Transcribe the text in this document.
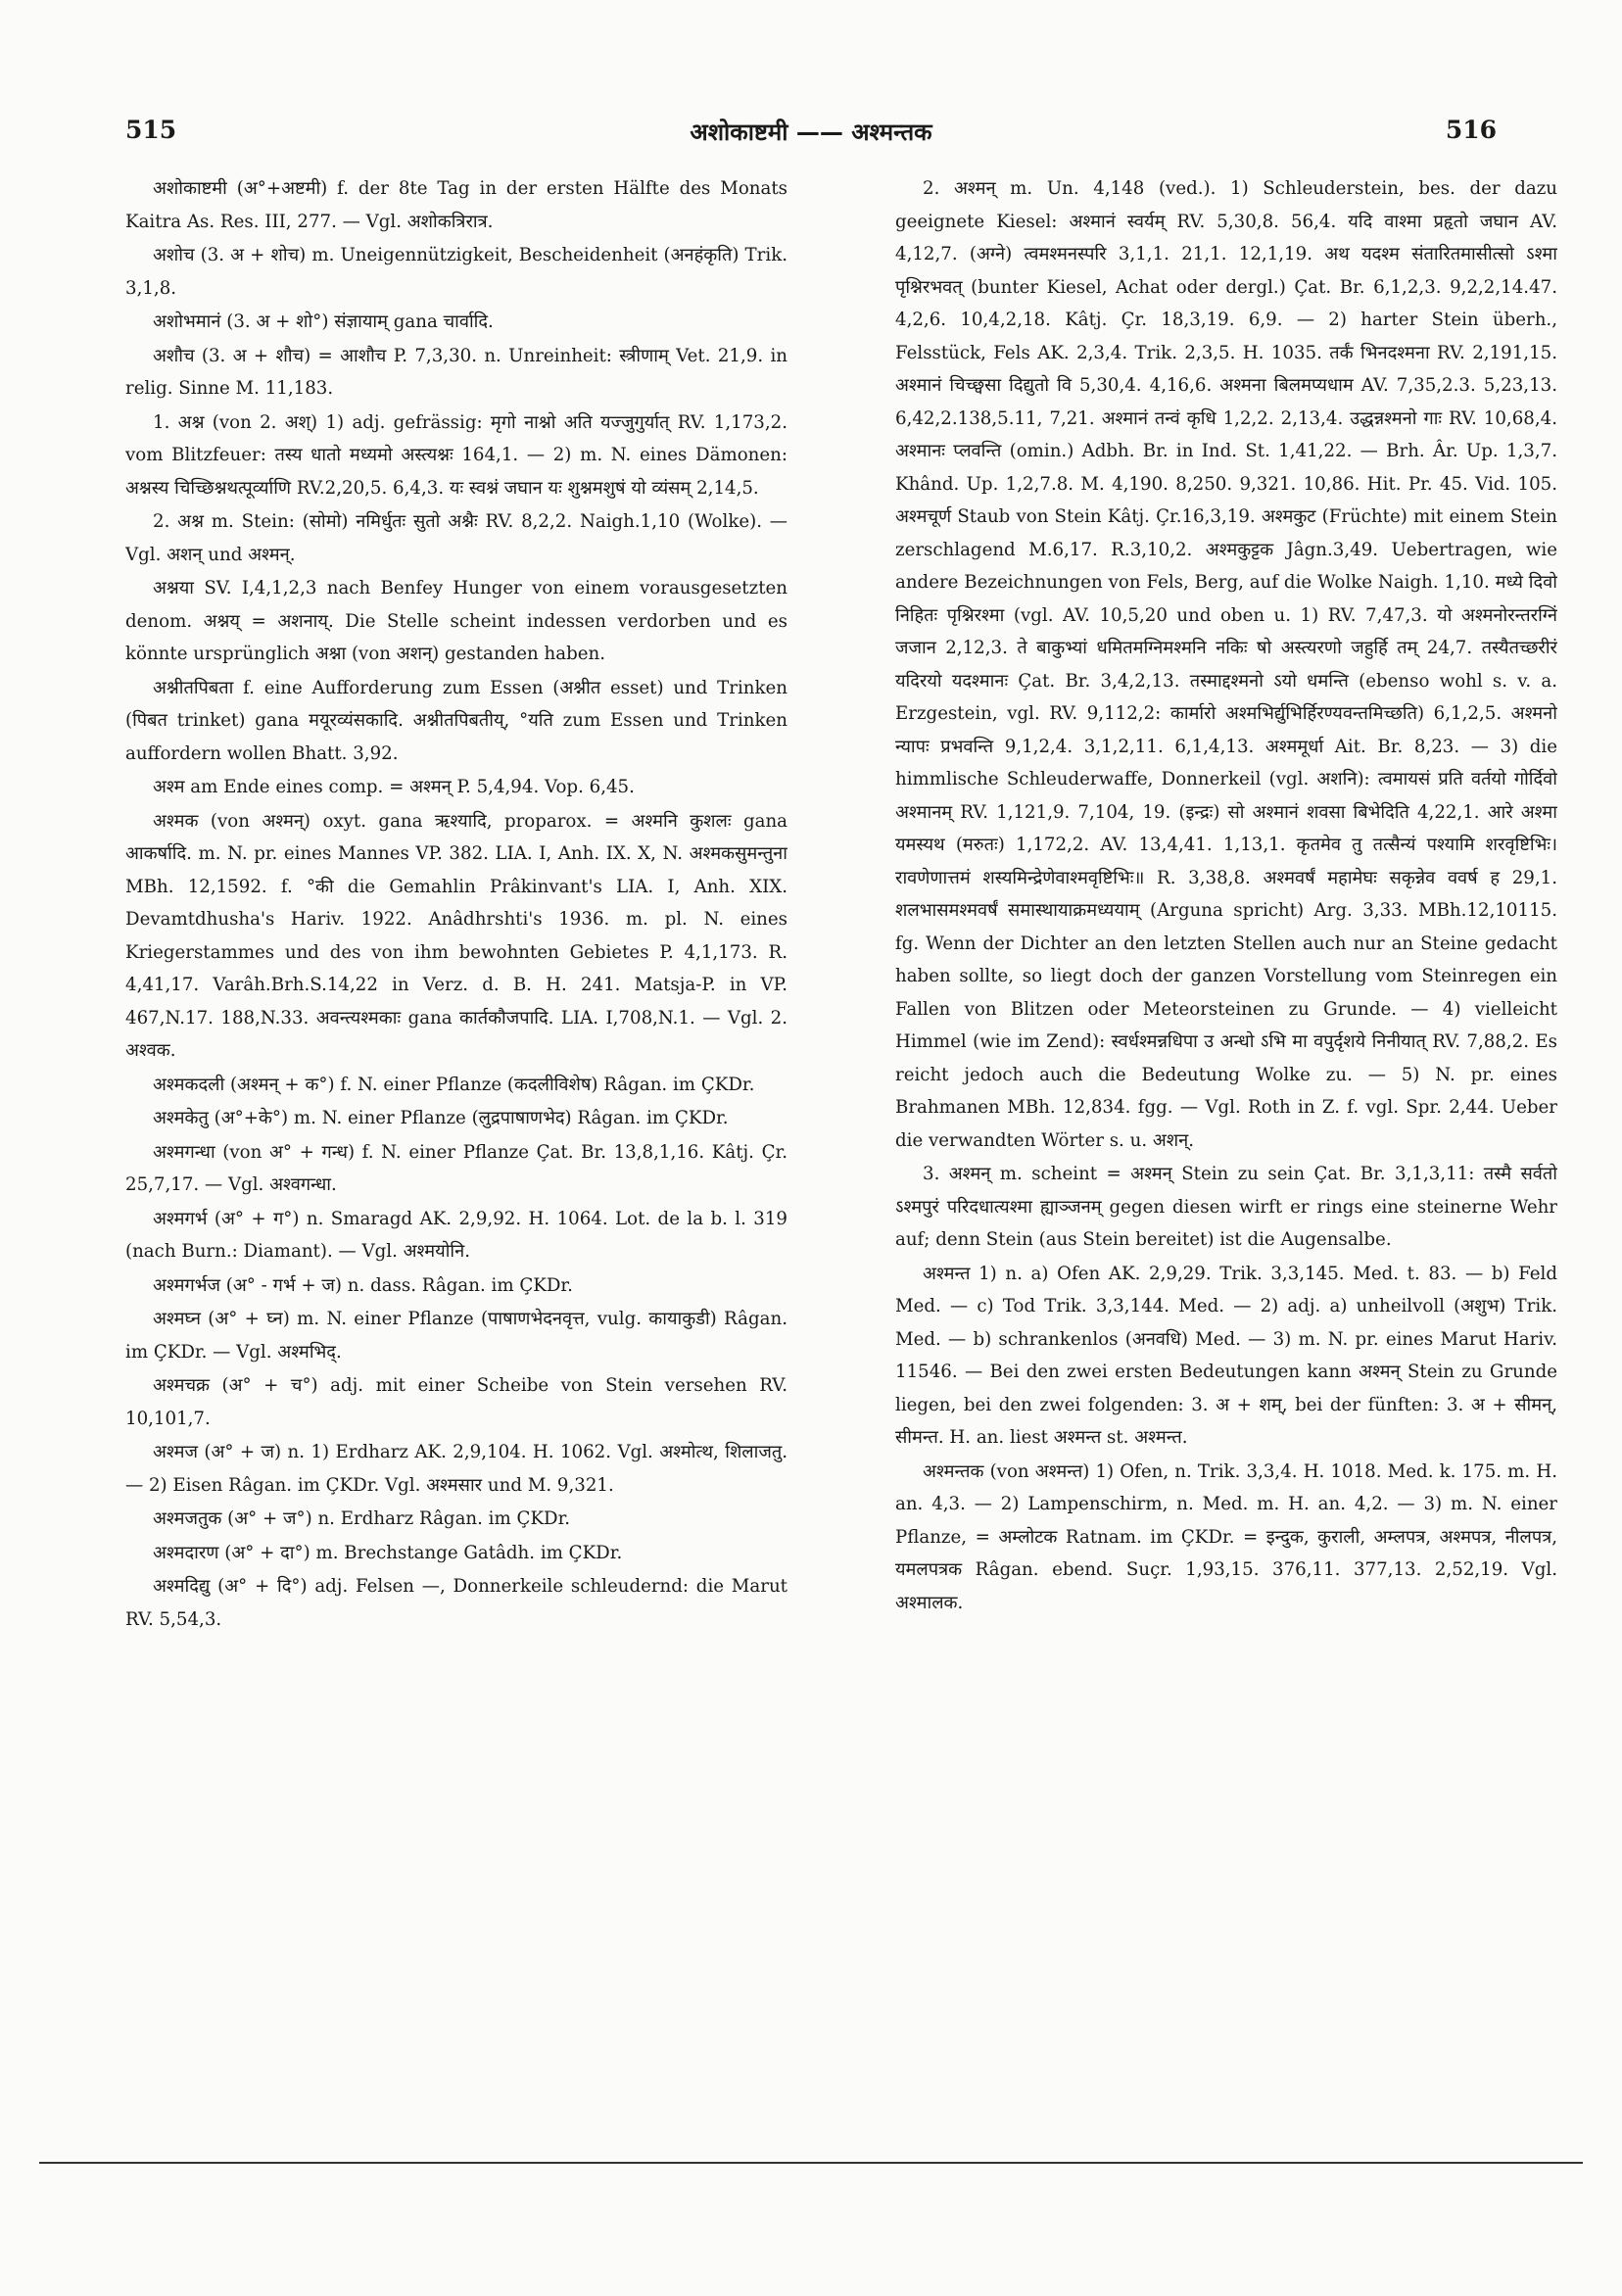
515	अशोकाष्टमी —— अश्मन्तक	516

अशोकाष्टमी (अ°+अष्टमी) f. der 8te Tag in der ersten Hälfte des Monats Kaitra As. Res. III, 277. — Vgl. अशोकत्रिरात्र.

अशोच (3. अ + शोच) m. Uneigennützigkeit, Bescheidenheit (अनहंकृति) Trik. 3,1,8.

अशोभमानं (3. अ + शो°) संज्ञायाम् gana चार्वादि.

अशौच (3. अ + शौच) = आशौच P. 7,3,30. n. Unreinheit: स्त्रीणाम् Vet. 21,9. in relig. Sinne M. 11,183.

1. अश्न (von 2. अश्) 1) adj. gefrässig: मृगो नाश्नो अति यज्जुगुर्यात् RV. 1,173,2. vom Blitzfeuer: तस्य धातो मध्यमो अस्त्यश्नः 164,1. — 2) m. N. eines Dämonen: अश्नस्य चिच्छिश्नथत्पूर्व्याणि RV.2,20,5. 6,4,3. यः स्वश्नं जघान यः शुश्नमशुषं यो व्यंसम् 2,14,5.

2. अश्न m. Stein: (सोमो) नमिर्धुतः सुतो अश्नैः RV. 8,2,2. Naigh.1,10 (Wolke). — Vgl. अशन् und अश्मन्.

अश्नया SV. I,4,1,2,3 nach Benfey Hunger von einem vorausgesetzten denom. अश्नय् = अशनाय्. Die Stelle scheint indessen verdorben und es könnte ursprünglich अश्ना (von अशन्) gestanden haben.

अश्नीतपिबता f. eine Aufforderung zum Essen (अश्नीत esset) und Trinken (पिबत trinket) gana मयूरव्यंसकादि. अश्नीतपिबतीय्, °यति zum Essen und Trinken auffordern wollen Bhatt. 3,92.

अश्म am Ende eines comp. = अश्मन् P. 5,4,94. Vop. 6,45.

अश्मक (von अश्मन्) oxyt. gana ऋश्यादि, proparox. = अश्मनि कुशलः gana आकर्षादि. m. N. pr. eines Mannes VP. 382. LIA. I, Anh. IX. X, N. अश्मकसुमन्तुना MBh. 12,1592. f. °की die Gemahlin Prâkinvant's LIA. I, Anh. XIX. Devamtdhusha's Hariv. 1922. Anâdhrshti's 1936. m. pl. N. eines Kriegerstammes und des von ihm bewohnten Gebietes P. 4,1,173. R. 4,41,17. Varâh.Brh.S.14,22 in Verz. d. B. H. 241. Matsja-P. in VP. 467,N.17. 188,N.33. अवन्त्यश्मकाः gana कार्तकौजपादि. LIA. I,708,N.1. — Vgl. 2. अश्वक.

अश्मकदली (अश्मन् + क°) f. N. einer Pflanze (कदलीविशेष) Râgan. im ÇKDr.

अश्मकेतु (अ°+के°) m. N. einer Pflanze (लुद्रपाषाणभेद) Râgan. im ÇKDr.

अश्मगन्धा (von अ° + गन्ध) f. N. einer Pflanze Çat. Br. 13,8,1,16. Kâtj. Çr. 25,7,17. — Vgl. अश्वगन्धा.

अश्मगर्भ (अ° + ग°) n. Smaragd AK. 2,9,92. H. 1064. Lot. de la b. l. 319 (nach Burn.: Diamant). — Vgl. अश्मयोनि.

अश्मगर्भज (अ° - गर्भ + ज) n. dass. Râgan. im ÇKDr.

अश्मघ्न (अ° + घ्न) m. N. einer Pflanze (पाषाणभेदनवृत्त, vulg. कायाकुडी) Râgan. im ÇKDr. — Vgl. अश्मभिद्.

अश्मचक्र (अ° + च°) adj. mit einer Scheibe von Stein versehen RV. 10,101,7.

अश्मज (अ° + ज) n. 1) Erdharz AK. 2,9,104. H. 1062. Vgl. अश्मोत्थ, शिलाजतु. — 2) Eisen Râgan. im ÇKDr. Vgl. अश्मसार und M. 9,321.

अश्मजतुक (अ° + ज°) n. Erdharz Râgan. im ÇKDr.

अश्मदारण (अ° + दा°) m. Brechstange Gatâdh. im ÇKDr.

अश्मदिद्यु (अ° + दि°) adj. Felsen —, Donnerkeile schleudernd: die Marut RV. 5,54,3.

2. अश्मन् m. Un. 4,148 (ved.). 1) Schleuderstein, bes. der dazu geeignete Kiesel: अश्मानं स्वर्यम् RV. 5,30,8. 56,4. यदि वाश्मा प्रहृतो जघान AV. 4,12,7. (अग्ने) त्वमश्मनस्परि 3,1,1. 21,1. 12,1,19. अथ यदश्म संतारितमासीत्सो ऽश्मा पृश्निरभवत् (bunter Kiesel, Achat oder dergl.) Çat. Br. 6,1,2,3. 9,2,2,14.47. 4,2,6. 10,4,2,18. Kâtj. Çr. 18,3,19. 6,9. — 2) harter Stein überh., Felsstück, Fels AK. 2,3,4. Trik. 2,3,5. H. 1035. तर्कं भिनदश्मना RV. 2,191,15. अश्मानं चिच्छ्वसा दिद्युतो वि 5,30,4. 4,16,6. अश्मना बिलमप्यधाम AV. 7,35,2.3. 5,23,13. 6,42,2.138,5.11, 7,21. अश्मानं तन्वं कृधि 1,2,2. 2,13,4. उद्धन्नश्मनो गाः RV. 10,68,4. अश्मानः प्लवन्ति (omin.) Adbh. Br. in Ind. St. 1,41,22. — Brh. Âr. Up. 1,3,7. Khând. Up. 1,2,7.8. M. 4,190. 8,250. 9,321. 10,86. Hit. Pr. 45. Vid. 105. अश्मचूर्ण Staub von Stein Kâtj. Çr.16,3,19. अश्मकुट (Früchte) mit einem Stein zerschlagend M.6,17. R.3,10,2. अश्मकुट्टक Jâgn.3,49. Uebertragen, wie andere Bezeichnungen von Fels, Berg, auf die Wolke Naigh. 1,10. मध्ये दिवो निहितः पृश्निरश्मा (vgl. AV. 10,5,20 und oben u. 1) RV. 7,47,3. यो अश्मनोरन्तरग्निं जजान 2,12,3. ते बाकुभ्यां धमितमग्निमश्मनि नकिः षो अस्त्यरणो जहुर्हि तम् 24,7. तस्यैतच्छरीरं यदिरयो यदश्मानः Çat. Br. 3,4,2,13. तस्माद्दश्मनो ऽयो धमन्ति (ebenso wohl s. v. a. Erzgestein, vgl. RV. 9,112,2: कार्मारो अश्मभिर्द्युभिर्हिरण्यवन्तमिच्छति) 6,1,2,5. अश्मनो न्यापः प्रभवन्ति 9,1,2,4. 3,1,2,11. 6,1,4,13. अश्ममूर्धा Ait. Br. 8,23. — 3) die himmlische Schleuderwaffe, Donnerkeil (vgl. अशनि): त्वमायसं प्रति वर्तयो गोर्दिवो अश्मानम् RV. 1,121,9. 7,104, 19. (इन्द्रः) सो अश्मानं शवसा बिभेदिति 4,22,1. आरे अश्मा यमस्यथ (मरुतः) 1,172,2. AV. 13,4,41. 1,13,1. कृतमेव तु तत्सैन्यं पश्यामि शरवृष्टिभिः। रावणेणात्तमं शस्यमिन्द्रेणेवाश्मवृष्टिभिः॥ R. 3,38,8. अश्मवर्षं महामेघः सकृन्नेव ववर्ष ह 29,1. शलभासमश्मवर्षं समास्थायाक्रमध्ययाम् (Arguna spricht) Arg. 3,33. MBh.12,10115. fg. Wenn der Dichter an den letzten Stellen auch nur an Steine gedacht haben sollte, so liegt doch der ganzen Vorstellung vom Steinregen ein Fallen von Blitzen oder Meteorsteinen zu Grunde. — 4) vielleicht Himmel (wie im Zend): स्वर्धश्मन्नधिपा उ अन्धो ऽभि मा वपुर्दृशये निनीयात् RV. 7,88,2. Es reicht jedoch auch die Bedeutung Wolke zu. — 5) N. pr. eines Brahmanen MBh. 12,834. fgg. — Vgl. Roth in Z. f. vgl. Spr. 2,44. Ueber die verwandten Wörter s. u. अशन्.

3. अश्मन् m. scheint = अश्मन् Stein zu sein Çat. Br. 3,1,3,11: तस्मै सर्वतो ऽश्मपुरं परिदधात्यश्मा ह्याञ्जनम् gegen diesen wirft er rings eine steinerne Wehr auf; denn Stein (aus Stein bereitet) ist die Augensalbe.

अश्मन्त 1) n. a) Ofen AK. 2,9,29. Trik. 3,3,145. Med. t. 83. — b) Feld Med. — c) Tod Trik. 3,3,144. Med. — 2) adj. a) unheilvoll (अशुभ) Trik. Med. — b) schrankenlos (अनवधि) Med. — 3) m. N. pr. eines Marut Hariv. 11546. — Bei den zwei ersten Bedeutungen kann अश्मन् Stein zu Grunde liegen, bei den zwei folgenden: 3. अ + शम्, bei der fünften: 3. अ + सीमन्, सीमन्त. H. an. liest अश्मन्त st. अश्मन्त.

अश्मन्तक (von अश्मन्त) 1) Ofen, n. Trik. 3,3,4. H. 1018. Med. k. 175. m. H. an. 4,3. — 2) Lampenschirm, n. Med. m. H. an. 4,2. — 3) m. N. einer Pflanze, = अम्लोटक Ratnam. im ÇKDr. = इन्दुक, कुराली, अम्लपत्र, अश्मपत्र, नीलपत्र, यमलपत्रक Râgan. ebend. Suçr. 1,93,15. 376,11. 377,13. 2,52,19. Vgl. अश्मालक.
